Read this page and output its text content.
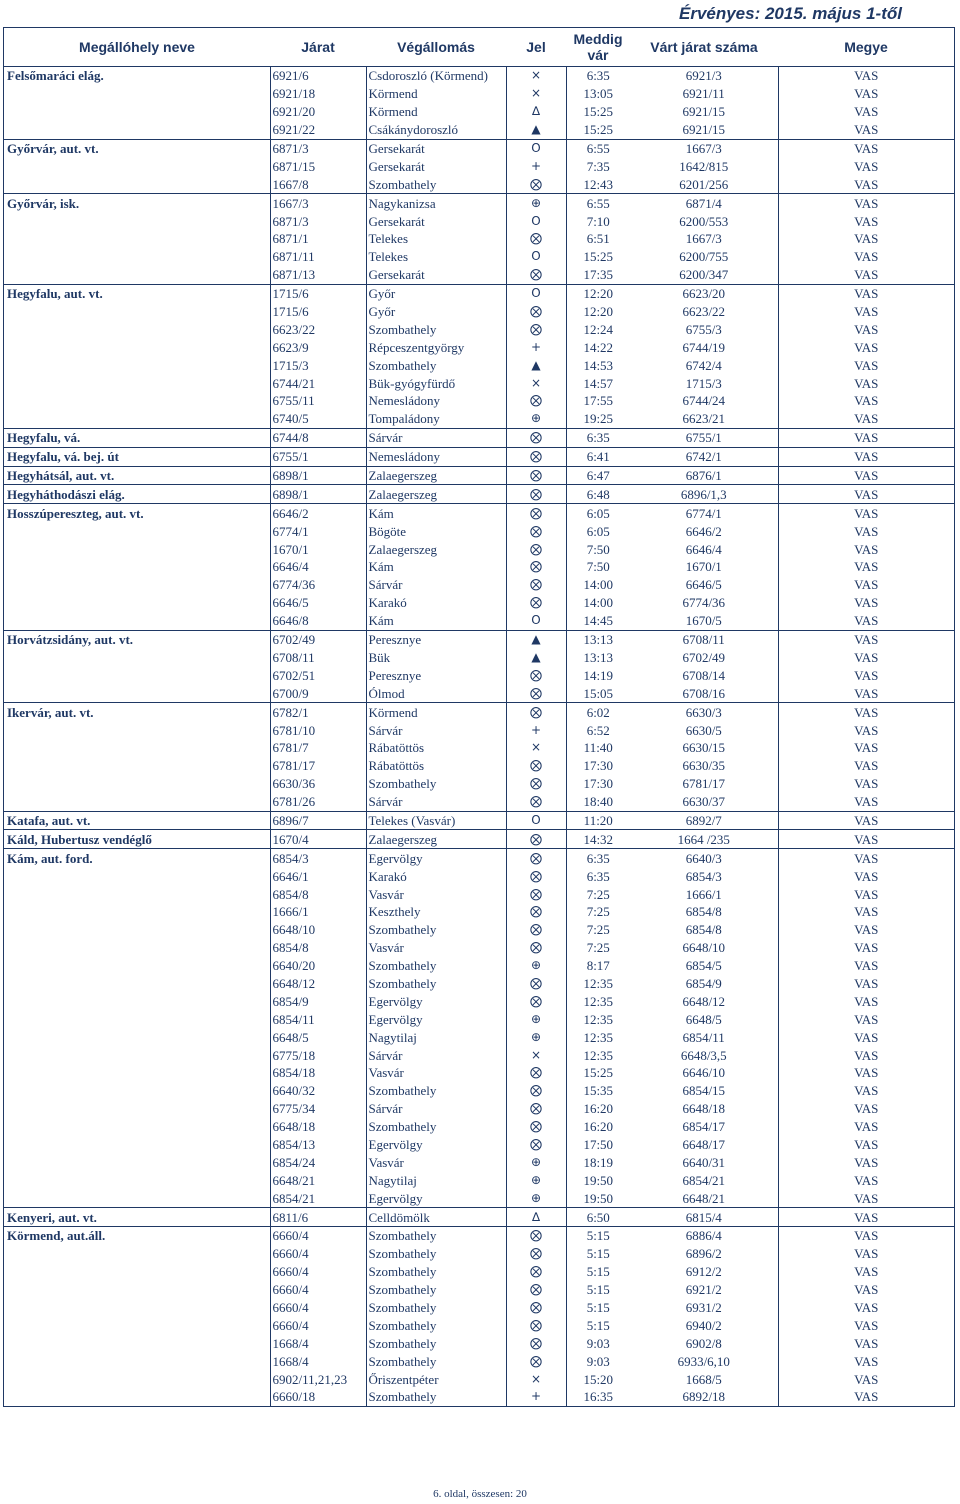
Érvényes: 2015. május 1-től
Megállóhely neve	Járat	Végállomás	Jel	Meddig vár	Várt járat száma	Megye
Felsőmaráci elág.	6921/6	Csdoroszló (Körmend)	×	6:35	6921/3	VAS
	6921/18	Körmend	×	13:05	6921/11	VAS
	6921/20	Körmend	∆	15:25	6921/15	VAS
	6921/22	Csákánydoroszló	▲	15:25	6921/15	VAS
Győrvár, aut. vt.	6871/3	Gersekarát	O	6:55	1667/3	VAS
	6871/15	Gersekarát	+	7:35	1642/815	VAS
	1667/8	Szombathely	⨂	12:43	6201/256	VAS
Győrvár, isk.	1667/3	Nagykanizsa	⊕	6:55	6871/4	VAS
	6871/3	Gersekarát	O	7:10	6200/553	VAS
	6871/1	Telekes	⨂	6:51	1667/3	VAS
	6871/11	Telekes	O	15:25	6200/755	VAS
	6871/13	Gersekarát	⨂	17:35	6200/347	VAS
Hegyfalu, aut. vt.	1715/6	Győr	O	12:20	6623/20	VAS
	1715/6	Győr	⨂	12:20	6623/22	VAS
	6623/22	Szombathely	⨂	12:24	6755/3	VAS
	6623/9	Répceszentgyörgy	+	14:22	6744/19	VAS
	1715/3	Szombathely	▲	14:53	6742/4	VAS
	6744/21	Bük-gyógyfürdő	×	14:57	1715/3	VAS
	6755/11	Nemesládony	⨂	17:55	6744/24	VAS
	6740/5	Tompaládony	⊕	19:25	6623/21	VAS
Hegyfalu, vá.	6744/8	Sárvár	⨂	6:35	6755/1	VAS
Hegyfalu, vá. bej. út	6755/1	Nemesládony	⨂	6:41	6742/1	VAS
Hegyhátsál, aut. vt.	6898/1	Zalaegerszeg	⨂	6:47	6876/1	VAS
Hegyháthodászi elág.	6898/1	Zalaegerszeg	⨂	6:48	6896/1,3	VAS
Hosszúpereszteg, aut. vt.	6646/2	Kám	⨂	6:05	6774/1	VAS
	6774/1	Bögöte	⨂	6:05	6646/2	VAS
	1670/1	Zalaegerszeg	⨂	7:50	6646/4	VAS
	6646/4	Kám	⨂	7:50	1670/1	VAS
	6774/36	Sárvár	⨂	14:00	6646/5	VAS
	6646/5	Karakó	⨂	14:00	6774/36	VAS
	6646/8	Kám	O	14:45	1670/5	VAS
Horvátzsidány, aut. vt.	6702/49	Peresznye	▲	13:13	6708/11	VAS
	6708/11	Bük	▲	13:13	6702/49	VAS
	6702/51	Peresznye	⨂	14:19	6708/14	VAS
	6700/9	Ólmod	⨂	15:05	6708/16	VAS
Ikervár, aut. vt.	6782/1	Körmend	⨂	6:02	6630/3	VAS
	6781/10	Sárvár	+	6:52	6630/5	VAS
	6781/7	Rábatöttös	×	11:40	6630/15	VAS
	6781/17	Rábatöttös	⨂	17:30	6630/35	VAS
	6630/36	Szombathely	⨂	17:30	6781/17	VAS
	6781/26	Sárvár	⨂	18:40	6630/37	VAS
Katafa, aut. vt.	6896/7	Telekes (Vasvár)	O	11:20	6892/7	VAS
Káld, Hubertusz vendéglő	1670/4	Zalaegerszeg	⨂	14:32	1664 /235	VAS
Kám, aut. ford.	6854/3	Egervölgy	⨂	6:35	6640/3	VAS
	6646/1	Karakó	⨂	6:35	6854/3	VAS
	6854/8	Vasvár	⨂	7:25	1666/1	VAS
	1666/1	Keszthely	⨂	7:25	6854/8	VAS
	6648/10	Szombathely	⨂	7:25	6854/8	VAS
	6854/8	Vasvár	⨂	7:25	6648/10	VAS
	6640/20	Szombathely	⊕	8:17	6854/5	VAS
	6648/12	Szombathely	⨂	12:35	6854/9	VAS
	6854/9	Egervölgy	⨂	12:35	6648/12	VAS
	6854/11	Egervölgy	⊕	12:35	6648/5	VAS
	6648/5	Nagytilaj	⊕	12:35	6854/11	VAS
	6775/18	Sárvár	×	12:35	6648/3,5	VAS
	6854/18	Vasvár	⨂	15:25	6646/10	VAS
	6640/32	Szombathely	⨂	15:35	6854/15	VAS
	6775/34	Sárvár	⨂	16:20	6648/18	VAS
	6648/18	Szombathely	⨂	16:20	6854/17	VAS
	6854/13	Egervölgy	⨂	17:50	6648/17	VAS
	6854/24	Vasvár	⊕	18:19	6640/31	VAS
	6648/21	Nagytilaj	⊕	19:50	6854/21	VAS
	6854/21	Egervölgy	⊕	19:50	6648/21	VAS
Kenyeri, aut. vt.	6811/6	Celldömölk	∆	6:50	6815/4	VAS
Körmend, aut.áll.	6660/4	Szombathely	⨂	5:15	6886/4	VAS
	6660/4	Szombathely	⨂	5:15	6896/2	VAS
	6660/4	Szombathely	⨂	5:15	6912/2	VAS
	6660/4	Szombathely	⨂	5:15	6921/2	VAS
	6660/4	Szombathely	⨂	5:15	6931/2	VAS
	6660/4	Szombathely	⨂	5:15	6940/2	VAS
	1668/4	Szombathely	⨂	9:03	6902/8	VAS
	1668/4	Szombathely	⨂	9:03	6933/6,10	VAS
	6902/11,21,23	Őriszentpéter	×	15:20	1668/5	VAS
	6660/18	Szombathely	+	16:35	6892/18	VAS
6. oldal, összesen: 20
